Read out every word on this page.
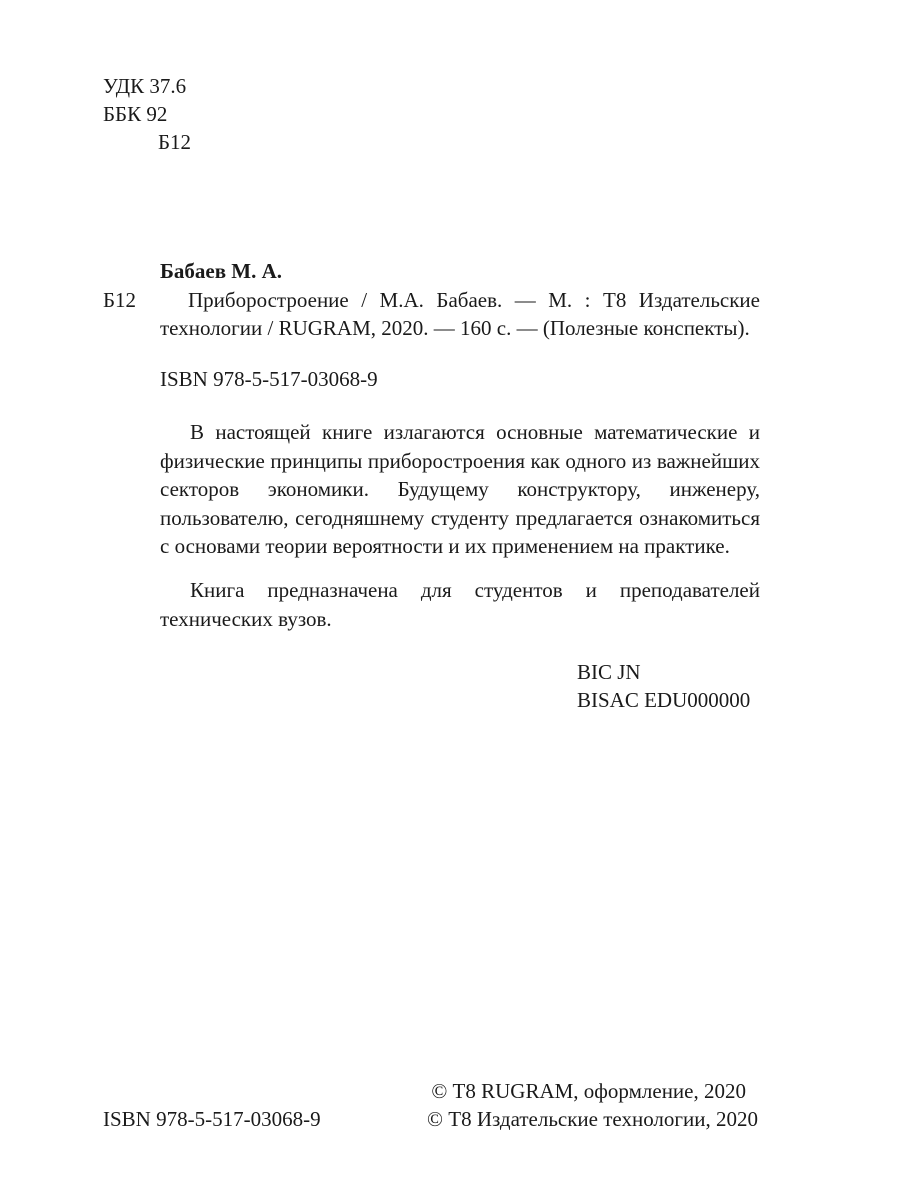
УДК 37.6
ББК 92
Б12
Бабаев М. А.
Б12 Приборостроение / М.А. Бабаев. — М. : Т8 Издательские
технологии / RUGRAM, 2020. — 160 с. — (Полезные конспекты).
ISBN 978-5-517-03068-9

В настоящей книге излагаются основные математические и физические принципы приборостроения как одного из важнейших секторов экономики. Будущему конструктору, инженеру, пользователю, сегодняшнему студенту предлагается ознакомиться с основами теории вероятности и их применением на практике.

Книга предназначена для студентов и преподавателей технических вузов.

BIC JN
BISAC EDU000000
© Т8 RUGRAM, оформление, 2020
ISBN 978-5-517-03068-9	© Т8 Издательские технологии, 2020
